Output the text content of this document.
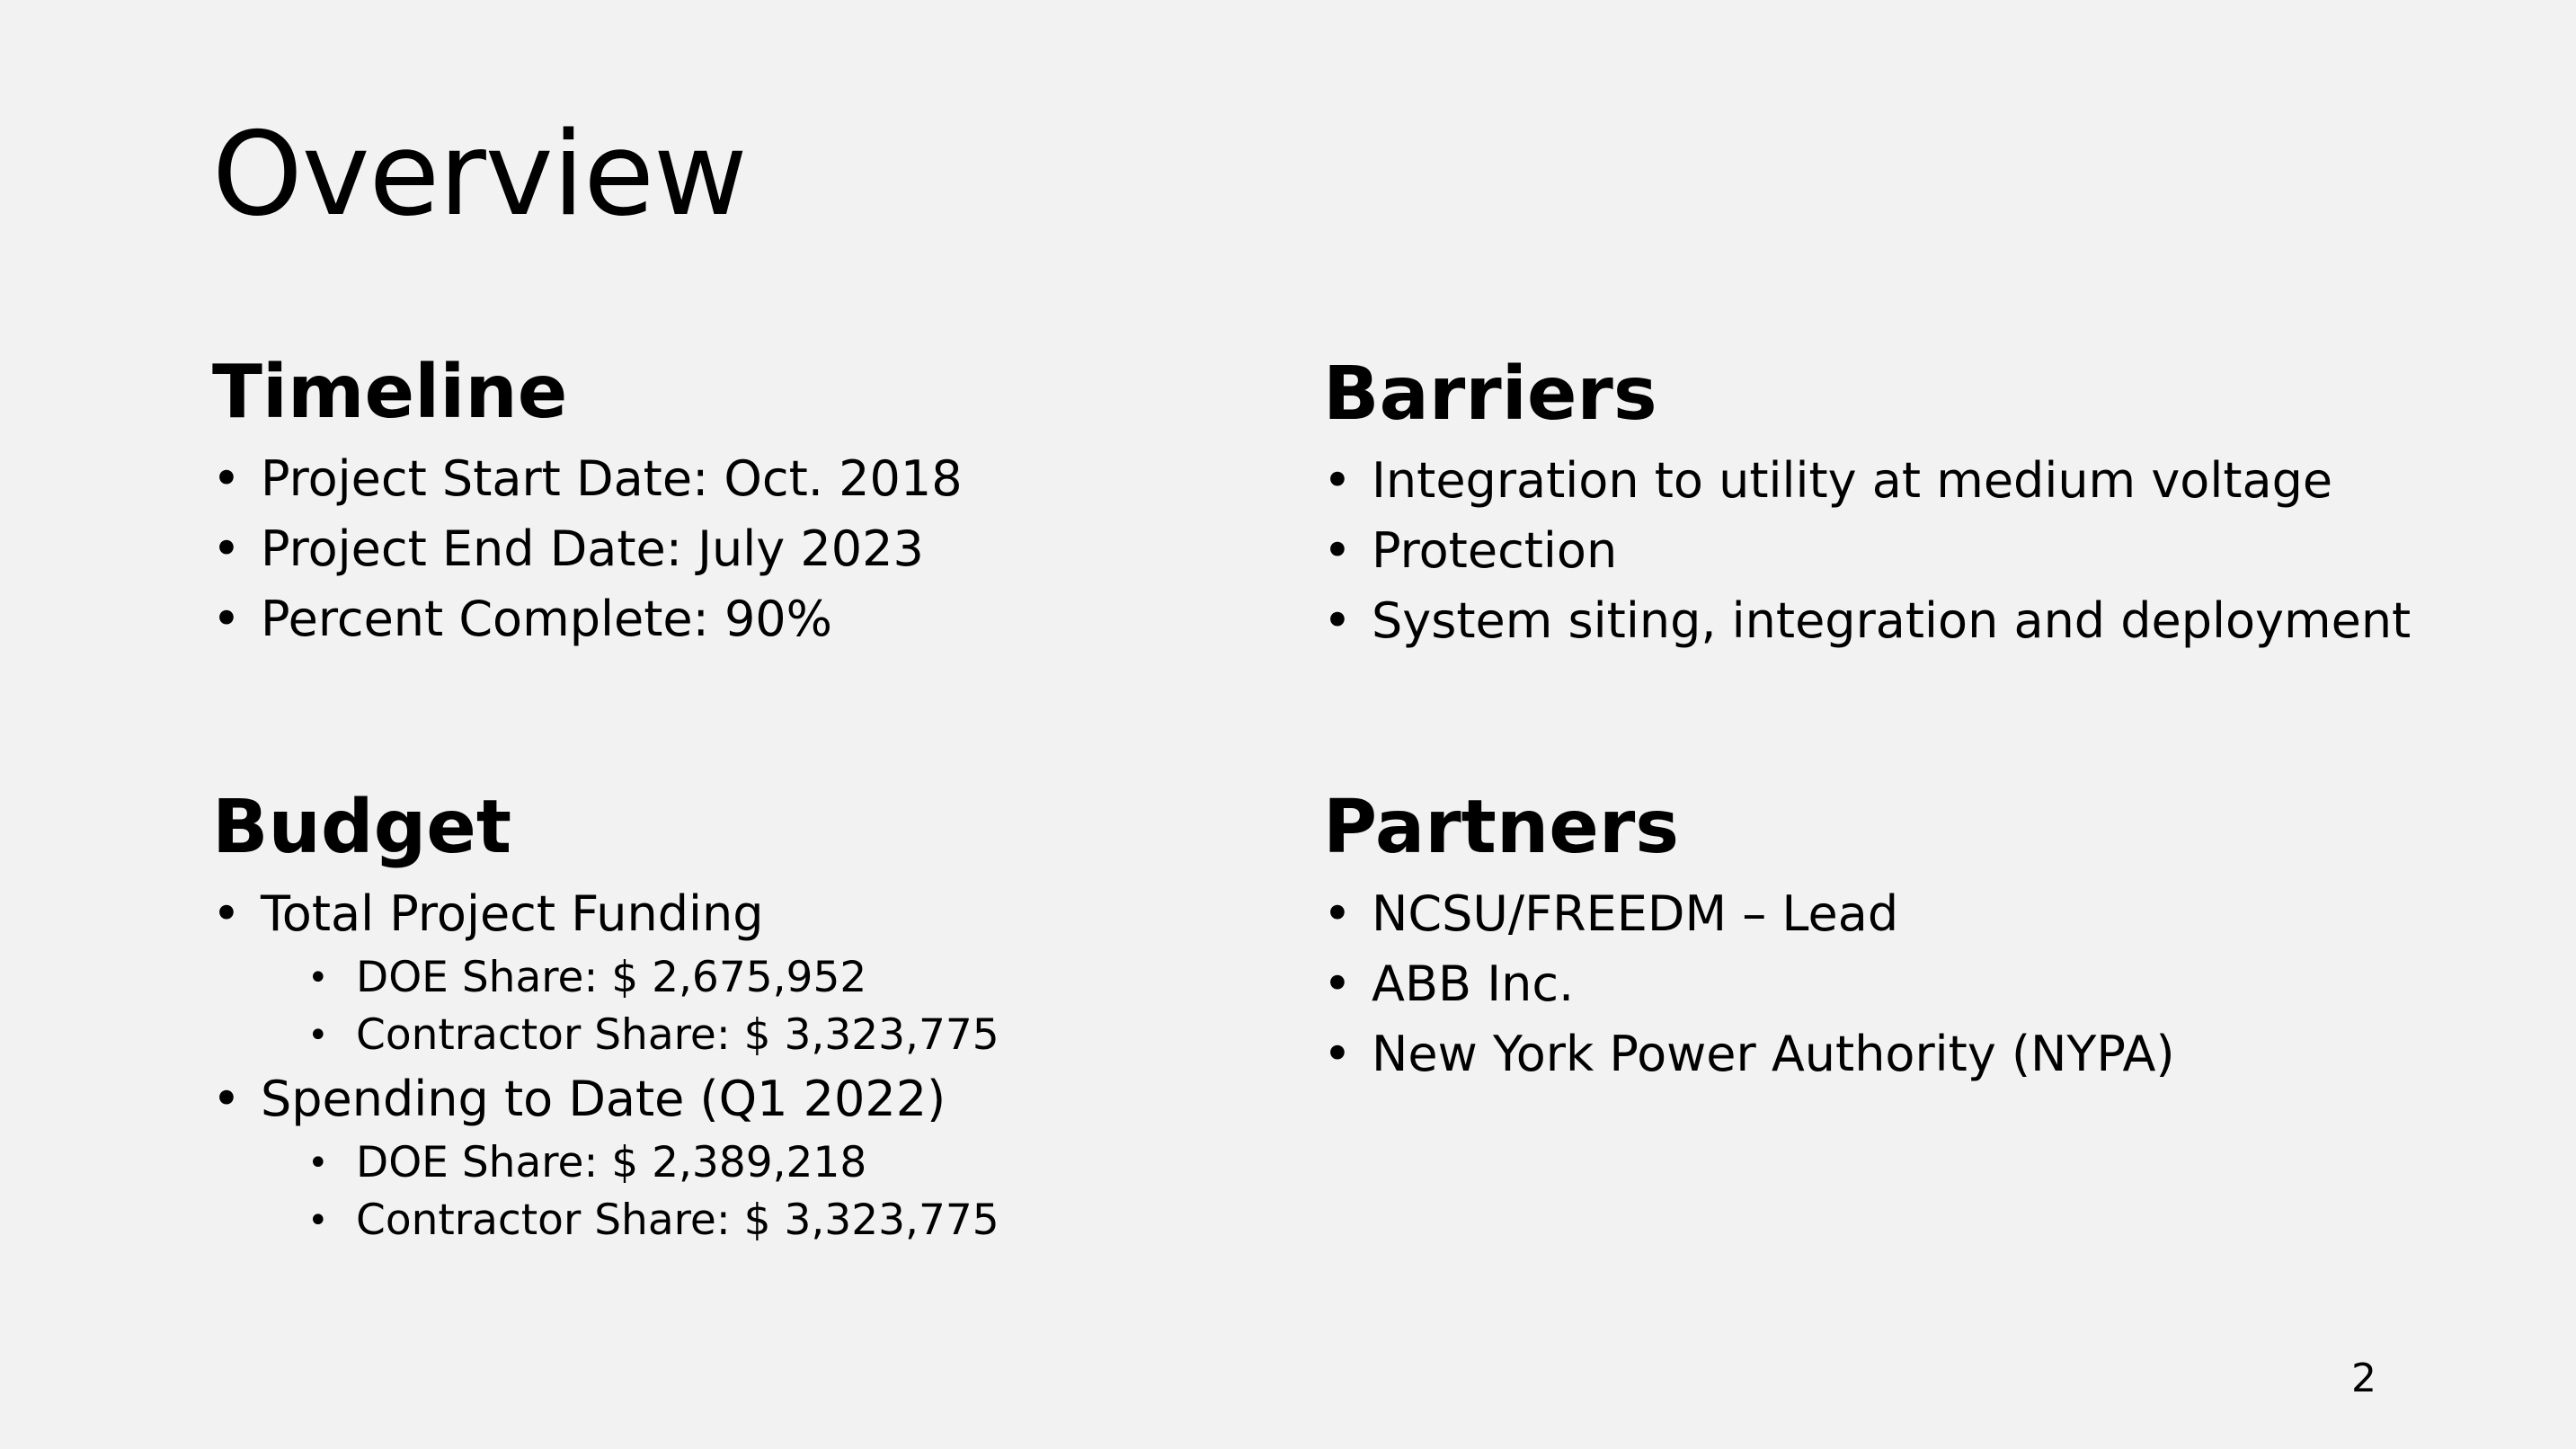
Overview
Timeline
• Project Start Date: Oct. 2018
• Project End Date: July 2023
• Percent Complete: 90%
Barriers
• Integration to utility at medium voltage
• Protection
• System siting, integration and deployment
Budget
• Total Project Funding
• DOE Share: $ 2,675,952
• Contractor Share: $ 3,323,775
• Spending to Date (Q1 2022)
• DOE Share: $ 2,389,218
• Contractor Share: $ 3,323,775
Partners
• NCSU/FREEDM – Lead
• ABB Inc.
• New York Power Authority (NYPA)
2
